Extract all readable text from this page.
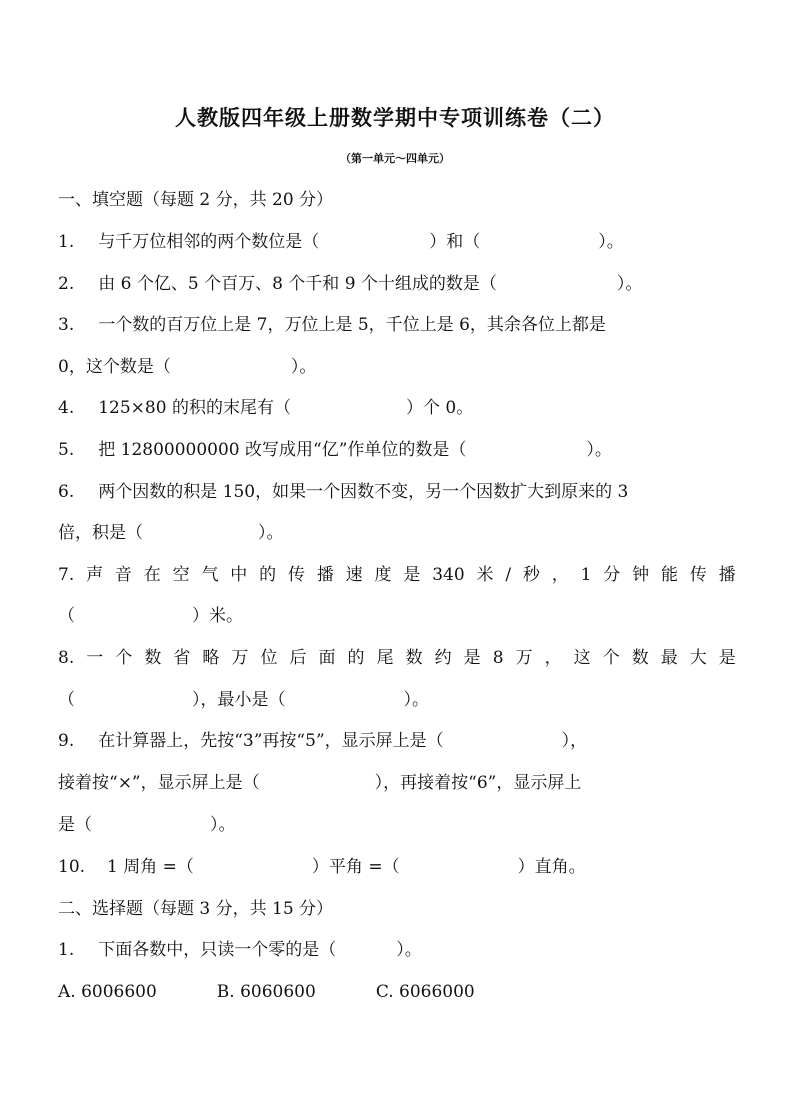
人教版四年级上册数学期中专项训练卷（二）
（第一单元～四单元）
一、填空题（每题 2 分，共 20 分）
1. 与千万位相邻的两个数位是（	）和（	）。
2. 由 6 个亿、5 个百万、8 个千和 9 个十组成的数是（	）。
3. 一个数的百万位上是 7，万位上是 5，千位上是 6，其余各位上都是
0，这个数是（	）。
4. 125×80 的积的末尾有（	）个 0。
5. 把 12800000000 改写成用“亿”作单位的数是（	）。
6. 两个因数的积是 150，如果一个因数不变，另一个因数扩大到原来的 3
倍，积是（	）。
7. 声 音 在 空 气 中 的 传 播 速 度 是 340 米 / 秒 ， 1 分 钟 能 传 播
（	）米。
8. 一 个 数 省 略 万 位 后 面 的 尾 数 约 是 8 万 ， 这 个 数 最 大 是
（	），最小是（	）。
9. 在计算器上，先按“3”再按“5”，显示屏上是（	），
接着按“×”，显示屏上是（	），再接着按“6”，显示屏上
是（	）。
10. 1 周角 =（	）平角 =（	）直角。
二、选择题（每题 3 分，共 15 分）
1. 下面各数中，只读一个零的是（	）。
A. 6006600	B. 6060600	C. 6066000
